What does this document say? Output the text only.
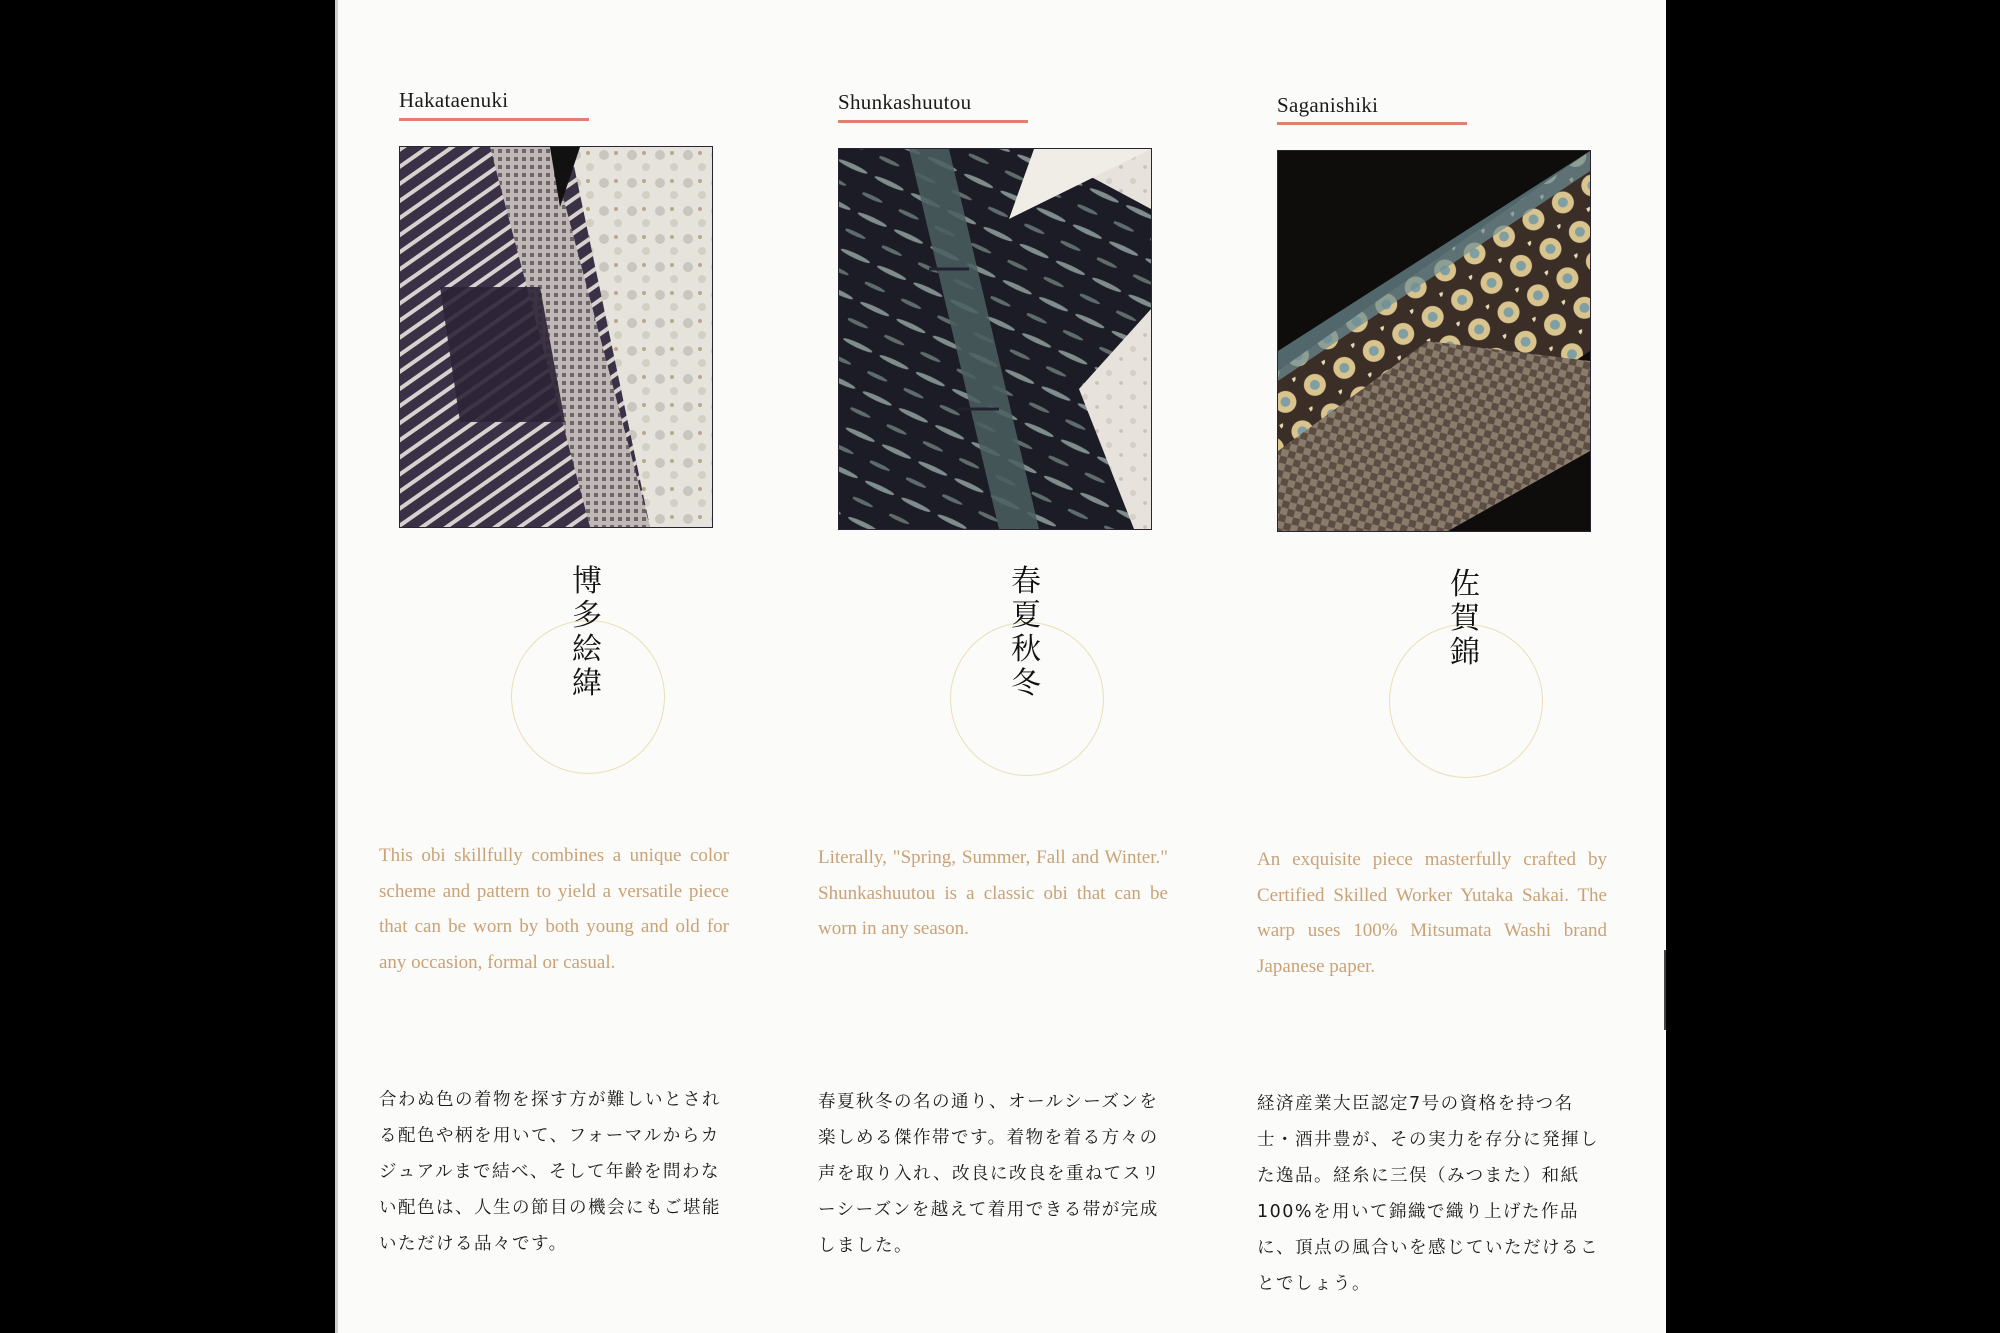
Hakataenuki
博多絵緯
This obi skillfully combines a unique color scheme and pattern to yield a versatile piece that can be worn by both young and old for any occasion, formal or casual.
合わぬ色の着物を探す方が難しいとされる配色や柄を用いて、フォーマルからカジュアルまで結べ、そして年齢を問わない配色は、人生の節目の機会にもご堪能いただける品々です。
Shunkashuutou
春夏秋冬
Literally, "Spring, Summer, Fall and Winter." Shunkashuutou is a classic obi that can be worn in any season.
春夏秋冬の名の通り、オールシーズンを楽しめる傑作帯です。着物を着る方々の声を取り入れ、改良に改良を重ねてスリーシーズンを越えて着用できる帯が完成しました。
Saganishiki
佐賀錦
An exquisite piece masterfully crafted by Certified Skilled Worker Yutaka Sakai. The warp uses 100% Mitsumata Washi brand Japanese paper.
経済産業大臣認定7号の資格を持つ名士・酒井豊が、その実力を存分に発揮した逸品。経糸に三俣（みつまた）和紙 100%を用いて錦織で織り上げた作品に、頂点の風合いを感じていただけることでしょう。
